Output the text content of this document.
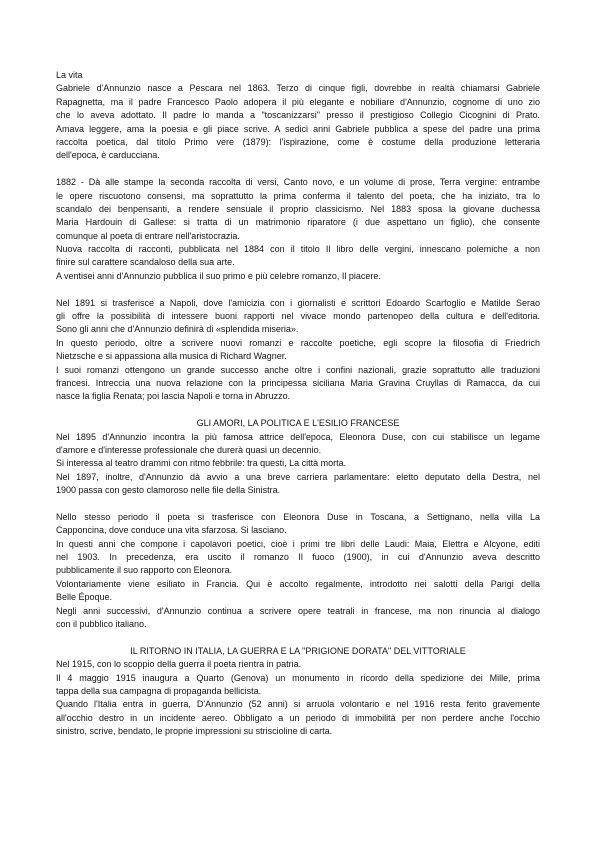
La vita
Gabriele d'Annunzio nasce a Pescara nel 1863. Terzo di cinque figli, dovrebbe in realtà chiamarsi Gabriele
Rapagnetta, ma il padre Francesco Paolo adopera il più elegante e nobiliare d'Annunzio, cognome di uno zio
che lo aveva adottato. Il padre lo manda a "toscanizzarsi" presso il prestigioso Collegio Cicognini di Prato.
Amava leggere, ama la poesia e gli piace scrive. A sedici anni Gabriele pubblica a spese del padre una prima
raccolta poetica, dal titolo Primo vere (1879): l'ispirazione, come è costume della produzione letteraria
dell'epoca, è carducciana.
1882 - Dà alle stampe la seconda raccolta di versi, Canto novo, e un volume di prose, Terra vergine: entrambe
le opere riscuotono consensi, ma soprattutto la prima conferma il talento del poeta, che ha iniziato, tra lo
scandalo dei benpensanti, a rendere sensuale il proprio classicismo. Nel 1883 sposa la giovane duchessa
Maria Hardouin di Gallese: si tratta di un matrimonio riparatore (i due aspettano un figlio), che consente
comunque al poeta di entrare nell'aristocrazia.
Nuova raccolta di racconti, pubblicata nel 1884 con il titolo Il libro delle vergini, innescano polemiche a non
finire sul carattere scandaloso della sua arte.
A ventisei anni d'Annunzio pubblica il suo primo e più celebre romanzo, Il piacere.
Nel 1891 si trasferisce a Napoli, dove l'amicizia con i giornalisti e scrittori Edoardo Scarfoglio e Matilde Serao
gli offre la possibilità di intessere buoni rapporti nel vivace mondo partenopeo della cultura e dell'editoria.
Sono gli anni che d'Annunzio definirà di «splendida miseria».
In questo periodo, oltre a scrivere nuovi romanzi e raccolte poetiche, egli scopre la filosofia di Friedrich
Nietzsche e si appassiona alla musica di Richard Wagner.
I suoi romanzi ottengono un grande successo anche oltre i confini nazionali, grazie soprattutto alle traduzioni
francesi. Intreccia una nuova relazione con la principessa siciliana Maria Gravina Cruyllas di Ramacca, da cui
nasce la figlia Renata; poi lascia Napoli e torna in Abruzzo.
GLI AMORI, LA POLITICA E L'ESILIO FRANCESE
Nel 1895 d'Annunzio incontra la più famosa attrice dell'epoca, Eleonora Duse, con cui stabilisce un legame
d'amore e d'interesse professionale che durerà quasi un decennio.
Si interessa al teatro drammi con ritmo febbrile: tra questi, La città morta.
Nel 1897, inoltre, d'Annunzio dà avvio a una breve carriera parlamentare: eletto deputato della Destra, nel
1900 passa con gesto clamoroso nelle file della Sinistra.
Nello stesso periodo il poeta si trasferisce con Eleonora Duse in Toscana, a Settignano, nella villa La
Capponcina, dove conduce una vita sfarzosa. Si lasciano.
In questi anni che compone i capolavori poetici, cioè i primi tre libri delle Laudi: Maia, Elettra e Alcyone, editi
nel 1903. In precedenza, era uscito il romanzo Il fuoco (1900), in cui d'Annunzio aveva descritto
pubblicamente il suo rapporto con Eleonora.
Volontariamente viene esiliato in Francia. Qui è accolto regalmente, introdotto nei salotti della Parigi della
Belle Époque.
Negli anni successivi, d'Annunzio continua a scrivere opere teatrali in francese, ma non rinuncia al dialogo
con il pubblico italiano.
IL RITORNO IN ITALIA, LA GUERRA E LA "PRIGIONE DORATA" DEL VITTORIALE
Nel 1915, con lo scoppio della guerra il poeta rientra in patria.
Il 4 maggio 1915 inaugura a Quarto (Genova) un monumento in ricordo della spedizione dei Mille, prima
tappa della sua campagna di propaganda bellicista.
Quando l'Italia entra in guerra, D'Annunzio (52 anni) si arruola volontario e nel 1916 resta ferito gravemente
all'occhio destro in un incidente aereo. Obbligato a un periodo di immobilità per non perdere anche l'occhio
sinistro, scrive, bendato, le proprie impressioni su striscioline di carta.
